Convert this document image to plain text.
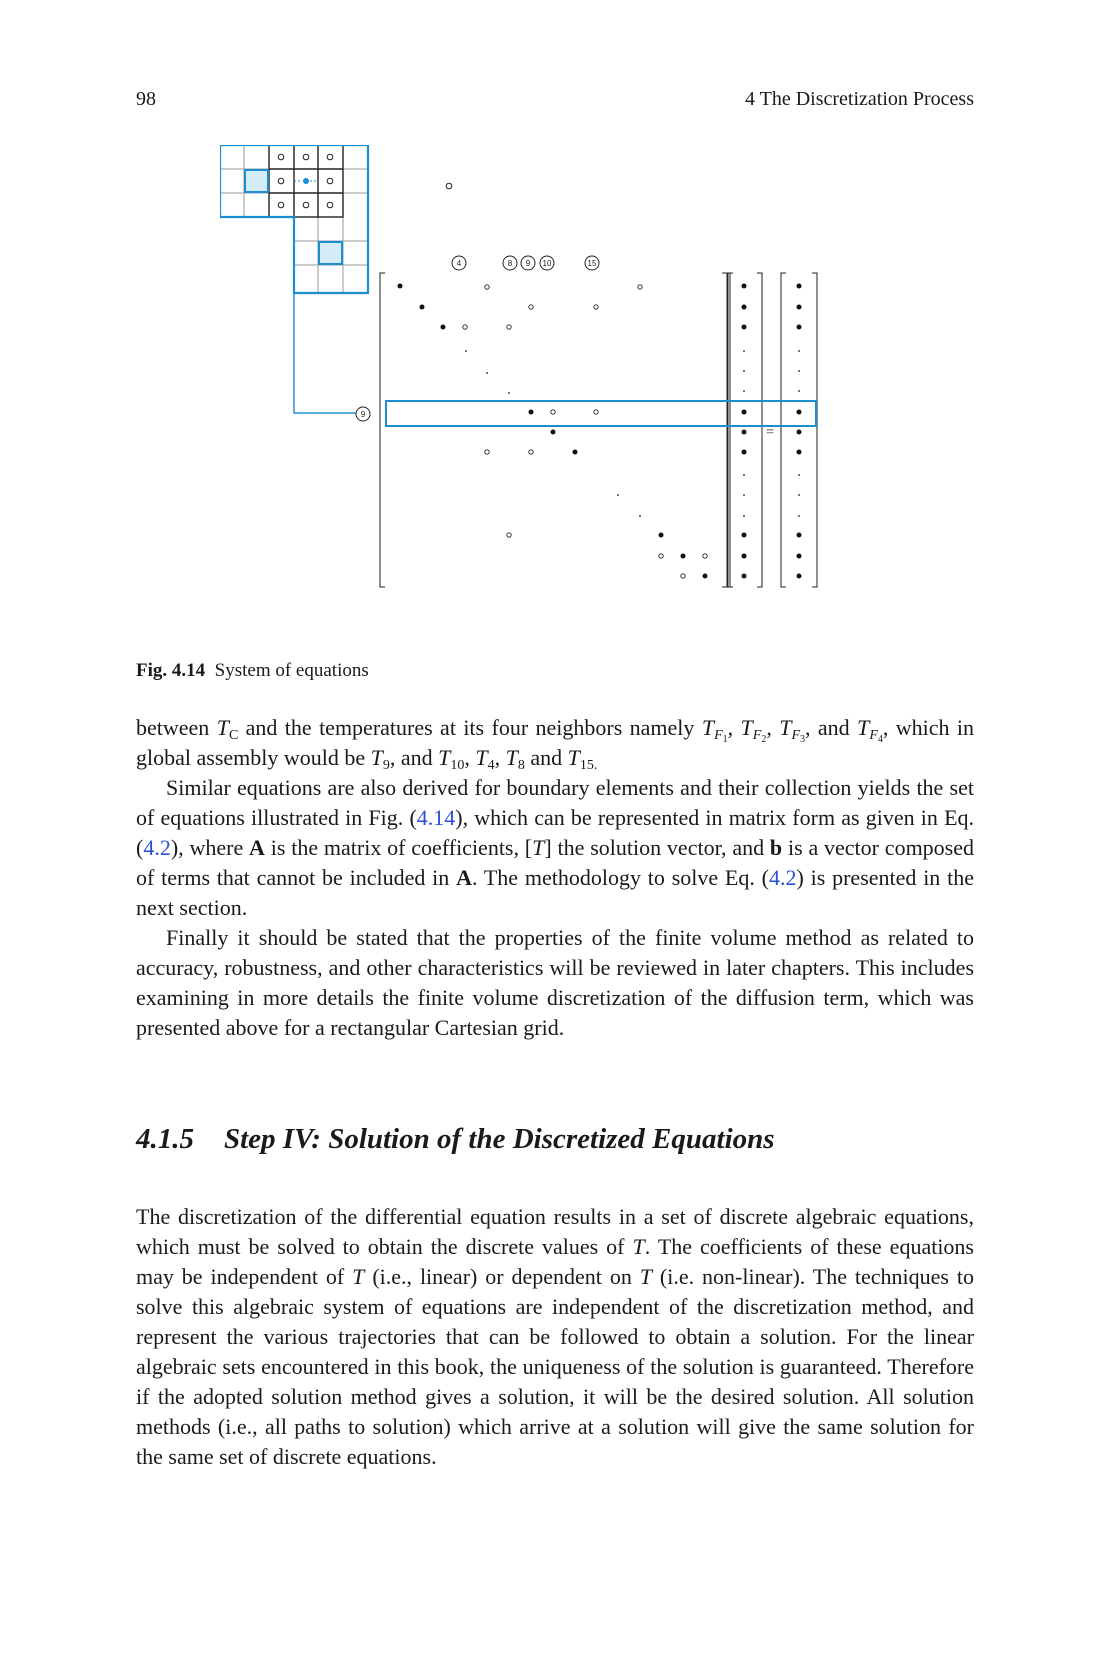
98	4 The Discretization Process
4	8 9 10	15
9
=
Fig. 4.14 System of equations

between $T_C$ and the temperatures at its four neighbors namely $T_{F_1}$, $T_{F_2}$, $T_{F_3}$, and $T_{F_4}$, which in global assembly would be $T_9$, and $T_{10}$, $T_4$, $T_8$ and $T_{15.}$

Similar equations are also derived for boundary elements and their collection yields the set of equations illustrated in Fig. (4.14), which can be represented in matrix form as given in Eq. (4.2), where A is the matrix of coefficients, [T] the solution vector, and b is a vector composed of terms that cannot be included in A. The methodology to solve Eq. (4.2) is presented in the next section.

Finally it should be stated that the properties of the finite volume method as related to accuracy, robustness, and other characteristics will be reviewed in later chapters. This includes examining in more details the finite volume discretization of the diffusion term, which was presented above for a rectangular Cartesian grid.

4.1.5 Step IV: Solution of the Discretized Equations

The discretization of the differential equation results in a set of discrete algebraic equations, which must be solved to obtain the discrete values of T. The coefficients of these equations may be independent of T (i.e., linear) or dependent on T (i.e. non-linear). The techniques to solve this algebraic system of equations are independent of the discretization method, and represent the various trajectories that can be followed to obtain a solution. For the linear algebraic sets encountered in this book, the uniqueness of the solution is guaranteed. Therefore if the adopted solution method gives a solution, it will be the desired solution. All solution methods (i.e., all paths to solution) which arrive at a solution will give the same solution for the same set of discrete equations.
